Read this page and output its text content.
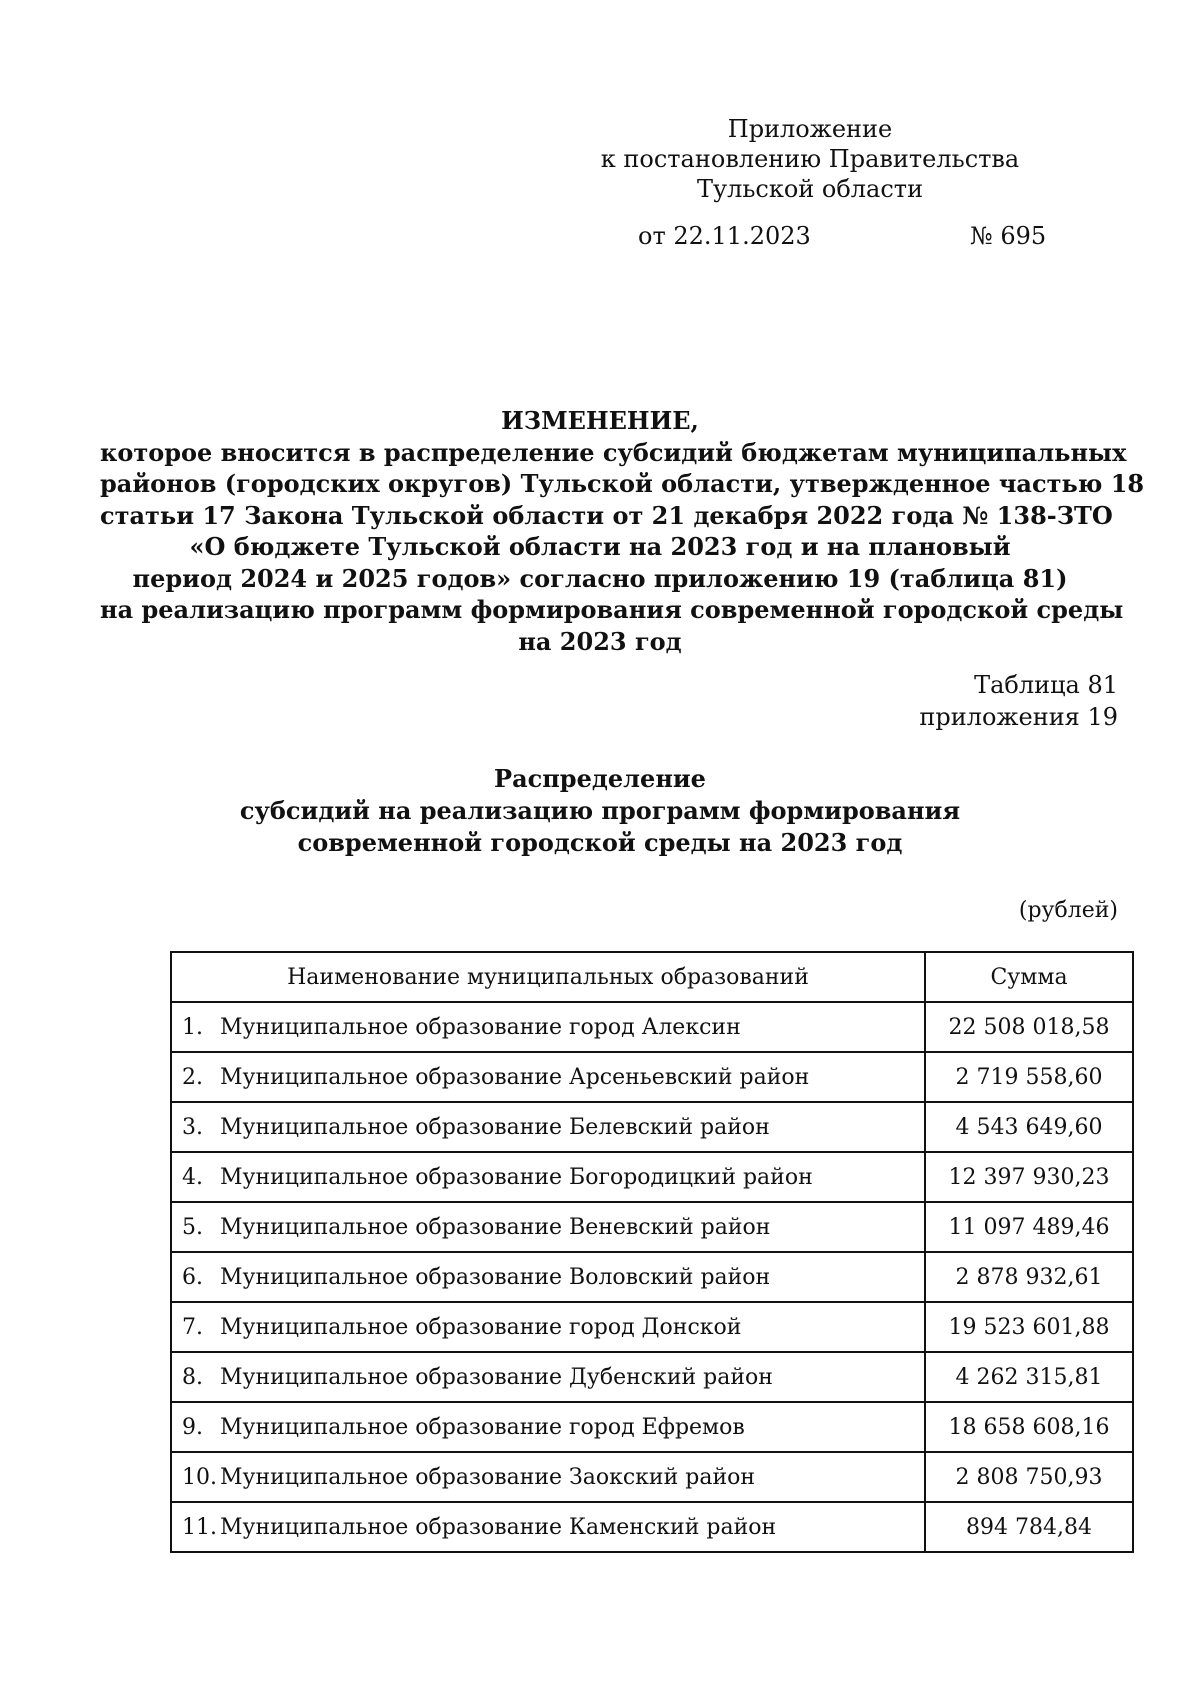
Приложение
к постановлению Правительства
Тульской области
от 22.11.2023	№ 695
ИЗМЕНЕНИЕ,
которое вносится в распределение субсидий бюджетам муниципальных
районов (городских округов) Тульской области, утвержденное частью 18
статьи 17 Закона Тульской области от 21 декабря 2022 года № 138-ЗТО
«О бюджете Тульской области на 2023 год и на плановый
период 2024 и 2025 годов» согласно приложению 19 (таблица 81)
на реализацию программ формирования современной городской среды
на 2023 год
Таблица 81
приложения 19
Распределение
субсидий на реализацию программ формирования
современной городской среды на 2023 год
(рублей)
Наименование муниципальных образований	Сумма
1. Муниципальное образование город Алексин	22 508 018,58
2. Муниципальное образование Арсеньевский район	2 719 558,60
3. Муниципальное образование Белевский район	4 543 649,60
4. Муниципальное образование Богородицкий район	12 397 930,23
5. Муниципальное образование Веневский район	11 097 489,46
6. Муниципальное образование Воловский район	2 878 932,61
7. Муниципальное образование город Донской	19 523 601,88
8. Муниципальное образование Дубенский район	4 262 315,81
9. Муниципальное образование город Ефремов	18 658 608,16
10. Муниципальное образование Заокский район	2 808 750,93
11. Муниципальное образование Каменский район	894 784,84
